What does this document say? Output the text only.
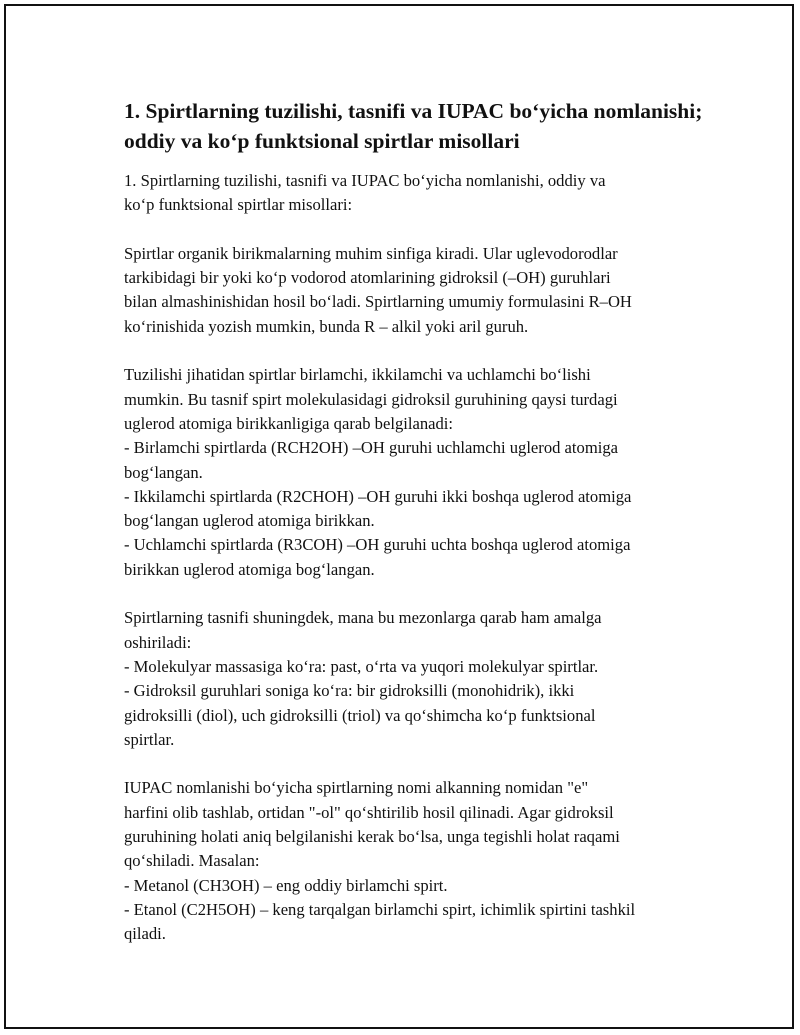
1. Spirtlarning tuzilishi, tasnifi va IUPAC bo‘yicha nomlanishi;
oddiy va ko‘p funktsional spirtlar misollari

1. Spirtlarning tuzilishi, tasnifi va IUPAC bo‘yicha nomlanishi, oddiy va
ko‘p funktsional spirtlar misollari:

Spirtlar organik birikmalarning muhim sinfiga kiradi. Ular uglevodorodlar
tarkibidagi bir yoki ko‘p vodorod atomlarining gidroksil (–OH) guruhlari
bilan almashinishidan hosil bo‘ladi. Spirtlarning umumiy formulasini R–OH
ko‘rinishida yozish mumkin, bunda R – alkil yoki aril guruh.

Tuzilishi jihatidan spirtlar birlamchi, ikkilamchi va uchlamchi bo‘lishi
mumkin. Bu tasnif spirt molekulasidagi gidroksil guruhining qaysi turdagi
uglerod atomiga birikkanligiga qarab belgilanadi:
- Birlamchi spirtlarda (RCH2OH) –OH guruhi uchlamchi uglerod atomiga
bog‘langan.
- Ikkilamchi spirtlarda (R2CHOH) –OH guruhi ikki boshqa uglerod atomiga
bog‘langan uglerod atomiga birikkan.
- Uchlamchi spirtlarda (R3COH) –OH guruhi uchta boshqa uglerod atomiga
birikkan uglerod atomiga bog‘langan.

Spirtlarning tasnifi shuningdek, mana bu mezonlarga qarab ham amalga
oshiriladi:
- Molekulyar massasiga ko‘ra: past, o‘rta va yuqori molekulyar spirtlar.
- Gidroksil guruhlari soniga ko‘ra: bir gidroksilli (monohidrik), ikki
gidroksilli (diol), uch gidroksilli (triol) va qo‘shimcha ko‘p funktsional
spirtlar.

IUPAC nomlanishi bo‘yicha spirtlarning nomi alkanning nomidan "e"
harfini olib tashlab, ortidan "-ol" qo‘shtirilib hosil qilinadi. Agar gidroksil
guruhining holati aniq belgilanishi kerak bo‘lsa, unga tegishli holat raqami
qo‘shiladi. Masalan:
- Metanol (CH3OH) – eng oddiy birlamchi spirt.
- Etanol (C2H5OH) – keng tarqalgan birlamchi spirt, ichimlik spirtini tashkil
qiladi.
